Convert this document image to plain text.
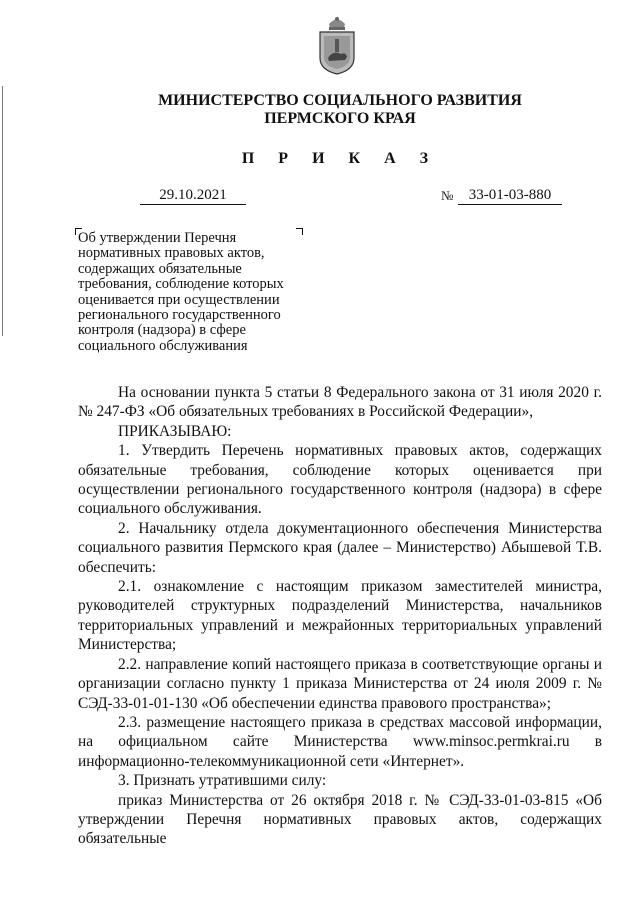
МИНИСТЕРСТВО СОЦИАЛЬНОГО РАЗВИТИЯ
ПЕРМСКОГО КРАЯ
П Р И К А З
29.10.2021	№	33-01-03-880
Об утверждении Перечня
нормативных правовых актов,
содержащих обязательные
требования, соблюдение которых
оценивается при осуществлении
регионального государственного
контроля (надзора) в сфере
социального обслуживания

На основании пункта 5 статьи 8 Федерального закона от 31 июля 2020 г. № 247-ФЗ «Об обязательных требованиях в Российской Федерации»,

ПРИКАЗЫВАЮ:

1. Утвердить Перечень нормативных правовых актов, содержащих обязательные требования, соблюдение которых оценивается при осуществлении регионального государственного контроля (надзора) в сфере социального обслуживания.

2. Начальнику отдела документационного обеспечения Министерства социального развития Пермского края (далее – Министерство) Абышевой Т.В. обеспечить:

2.1. ознакомление с настоящим приказом заместителей министра, руководителей структурных подразделений Министерства, начальников территориальных управлений и межрайонных территориальных управлений Министерства;

2.2. направление копий настоящего приказа в соответствующие органы и организации согласно пункту 1 приказа Министерства от 24 июля 2009 г. № СЭД-33-01-01-130 «Об обеспечении единства правового пространства»;

2.3. размещение настоящего приказа в средствах массовой информации, на официальном сайте Министерства www.minsoc.permkrai.ru в информационно-телекоммуникационной сети «Интернет».

3. Признать утратившими силу:

приказ Министерства от 26 октября 2018 г. № СЭД-33-01-03-815 «Об утверждении Перечня нормативных правовых актов, содержащих обязательные
